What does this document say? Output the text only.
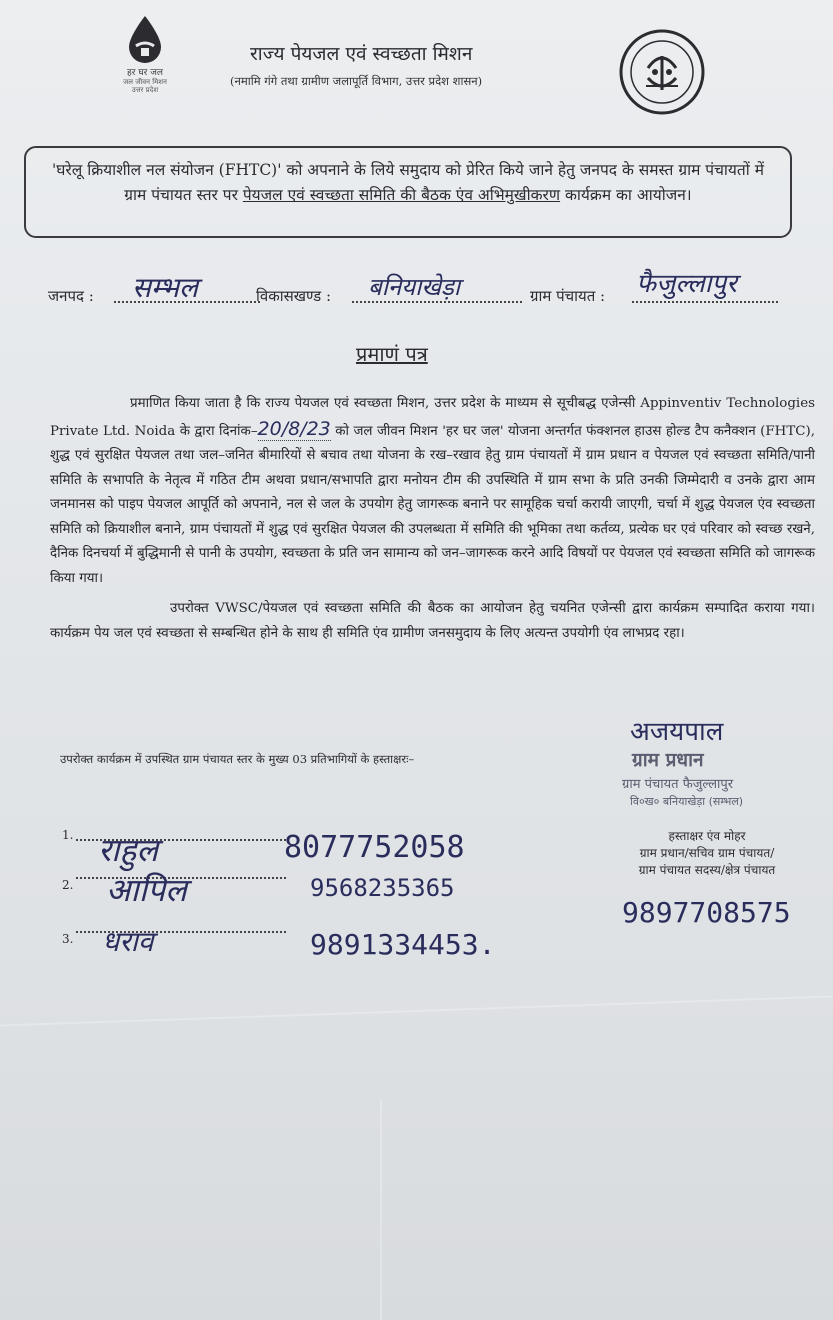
हर घर जल
जल जीवन मिशन
उत्तर प्रदेश
राज्य पेयजल एवं स्वच्छता मिशन
(नमामि गंगे तथा ग्रामीण जलापूर्ति विभाग, उत्तर प्रदेश शासन)
'घरेलू क्रियाशील नल संयोजन (FHTC)' को अपनाने के लिये समुदाय को प्रेरित किये जाने हेतु जनपद के समस्त ग्राम पंचायतों में ग्राम पंचायत स्तर पर पेयजल एवं स्वच्छता समिति की बैठक एंव अभिमुखीकरण कार्यक्रम का आयोजन।
जनपद : सम्भल	विकासखण्ड : बनियाखेड़ा	ग्राम पंचायत : फैजुल्लापुर
प्रमाणं पत्र
प्रमाणित किया जाता है कि राज्य पेयजल एवं स्वच्छता मिशन, उत्तर प्रदेश के माध्यम से सूचीबद्ध एजेन्सी Appinventiv Technologies Private Ltd. Noida के द्वारा दिनांक–20/8/23 को जल जीवन मिशन 'हर घर जल' योजना अन्तर्गत फंक्शनल हाउस होल्ड टैप कनैक्शन (FHTC), शुद्ध एवं सुरक्षित पेयजल तथा जल–जनित बीमारियों से बचाव तथा योजना के रख–रखाव हेतु ग्राम पंचायतों में ग्राम प्रधान व पेयजल एवं स्वच्छता समिति/पानी समिति के सभापति के नेतृत्व में गठित टीम अथवा प्रधान/सभापति द्वारा मनोयन टीम की उपस्थिति में ग्राम सभा के प्रति उनकी जिम्मेदारी व उनके द्वारा आम जनमानस को पाइप पेयजल आपूर्ति को अपनाने, नल से जल के उपयोग हेतु जागरूक बनाने पर सामूहिक चर्चा करायी जाएगी, चर्चा में शुद्ध पेयजल एंव स्वच्छता समिति को क्रियाशील बनाने, ग्राम पंचायतों में शुद्ध एवं सुरक्षित पेयजल की उपलब्धता में समिति की भूमिका तथा कर्तव्य, प्रत्येक घर एवं परिवार को स्वच्छ रखने, दैनिक दिनचर्या में बुद्धिमानी से पानी के उपयोग, स्वच्छता के प्रति जन सामान्य को जन–जागरूक करने आदि विषयों पर पेयजल एवं स्वच्छता समिति को जागरूक किया गया।
उपरोक्त VWSC/पेयजल एवं स्वच्छता समिति की बैठक का आयोजन हेतु चयनित एजेन्सी द्वारा कार्यक्रम सम्पादित कराया गया। कार्यक्रम पेय जल एवं स्वच्छता से सम्बन्धित होने के साथ ही समिति एंव ग्रामीण जनसमुदाय के लिए अत्यन्त उपयोगी एंव लाभप्रद रहा।
उपरोक्त कार्यक्रम में उपस्थित ग्राम पंचायत स्तर के मुख्य 03 प्रतिभागियों के हस्ताक्षरः–
1. राहुल	8077752058
2. आपिल	9568235365
3. धराव	9891334453.
अजयपाल
ग्राम प्रधान
ग्राम पंचायत फैजुल्लापुर
वि०ख० बनियाखेड़ा (सम्भल)
हस्ताक्षर एंव मोहर
ग्राम प्रधान/सचिव ग्राम पंचायत/
ग्राम पंचायत सदस्य/क्षेत्र पंचायत
9897708575
